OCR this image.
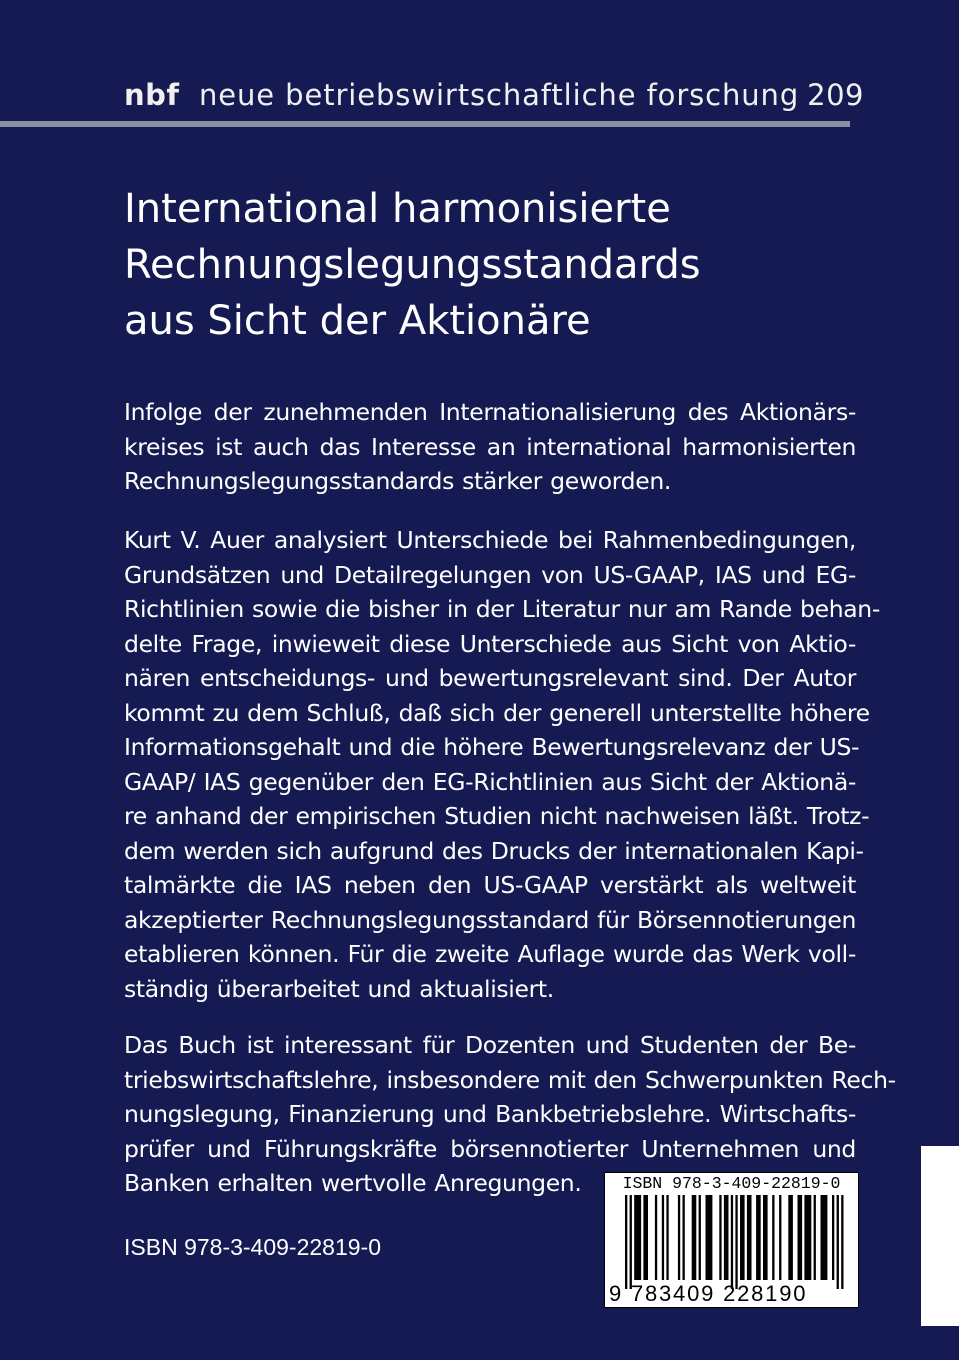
nbf neue betriebswirtschaftliche forschung 209
International harmonisierte
Rechnungslegungsstandards
aus Sicht der Aktionäre

Infolge der zunehmenden Internationalisierung des Aktionärs-
kreises ist auch das Interesse an international harmonisierten
Rechnungslegungsstandards stärker geworden.

Kurt V. Auer analysiert Unterschiede bei Rahmenbedingungen,
Grundsätzen und Detailregelungen von US-GAAP, IAS und EG-
Richtlinien sowie die bisher in der Literatur nur am Rande behan-
delte Frage, inwieweit diese Unterschiede aus Sicht von Aktio-
nären entscheidungs- und bewertungsrelevant sind. Der Autor
kommt zu dem Schluß, daß sich der generell unterstellte höhere
Informationsgehalt und die höhere Bewertungsrelevanz der US-
GAAP/ IAS gegenüber den EG-Richtlinien aus Sicht der Aktionä-
re anhand der empirischen Studien nicht nachweisen läßt. Trotz-
dem werden sich aufgrund des Drucks der internationalen Kapi-
talmärkte die IAS neben den US-GAAP verstärkt als weltweit
akzeptierter Rechnungslegungsstandard für Börsennotierungen
etablieren können. Für die zweite Auflage wurde das Werk voll-
ständig überarbeitet und aktualisiert.

Das Buch ist interessant für Dozenten und Studenten der Be-
triebswirtschaftslehre, insbesondere mit den Schwerpunkten Rech-
nungslegung, Finanzierung und Bankbetriebslehre. Wirtschafts-
prüfer und Führungskräfte börsennotierter Unternehmen und
Banken erhalten wertvolle Anregungen.

ISBN 978-3-409-22819-0
ISBN 978-3-409-22819-0
9 783409 228190
